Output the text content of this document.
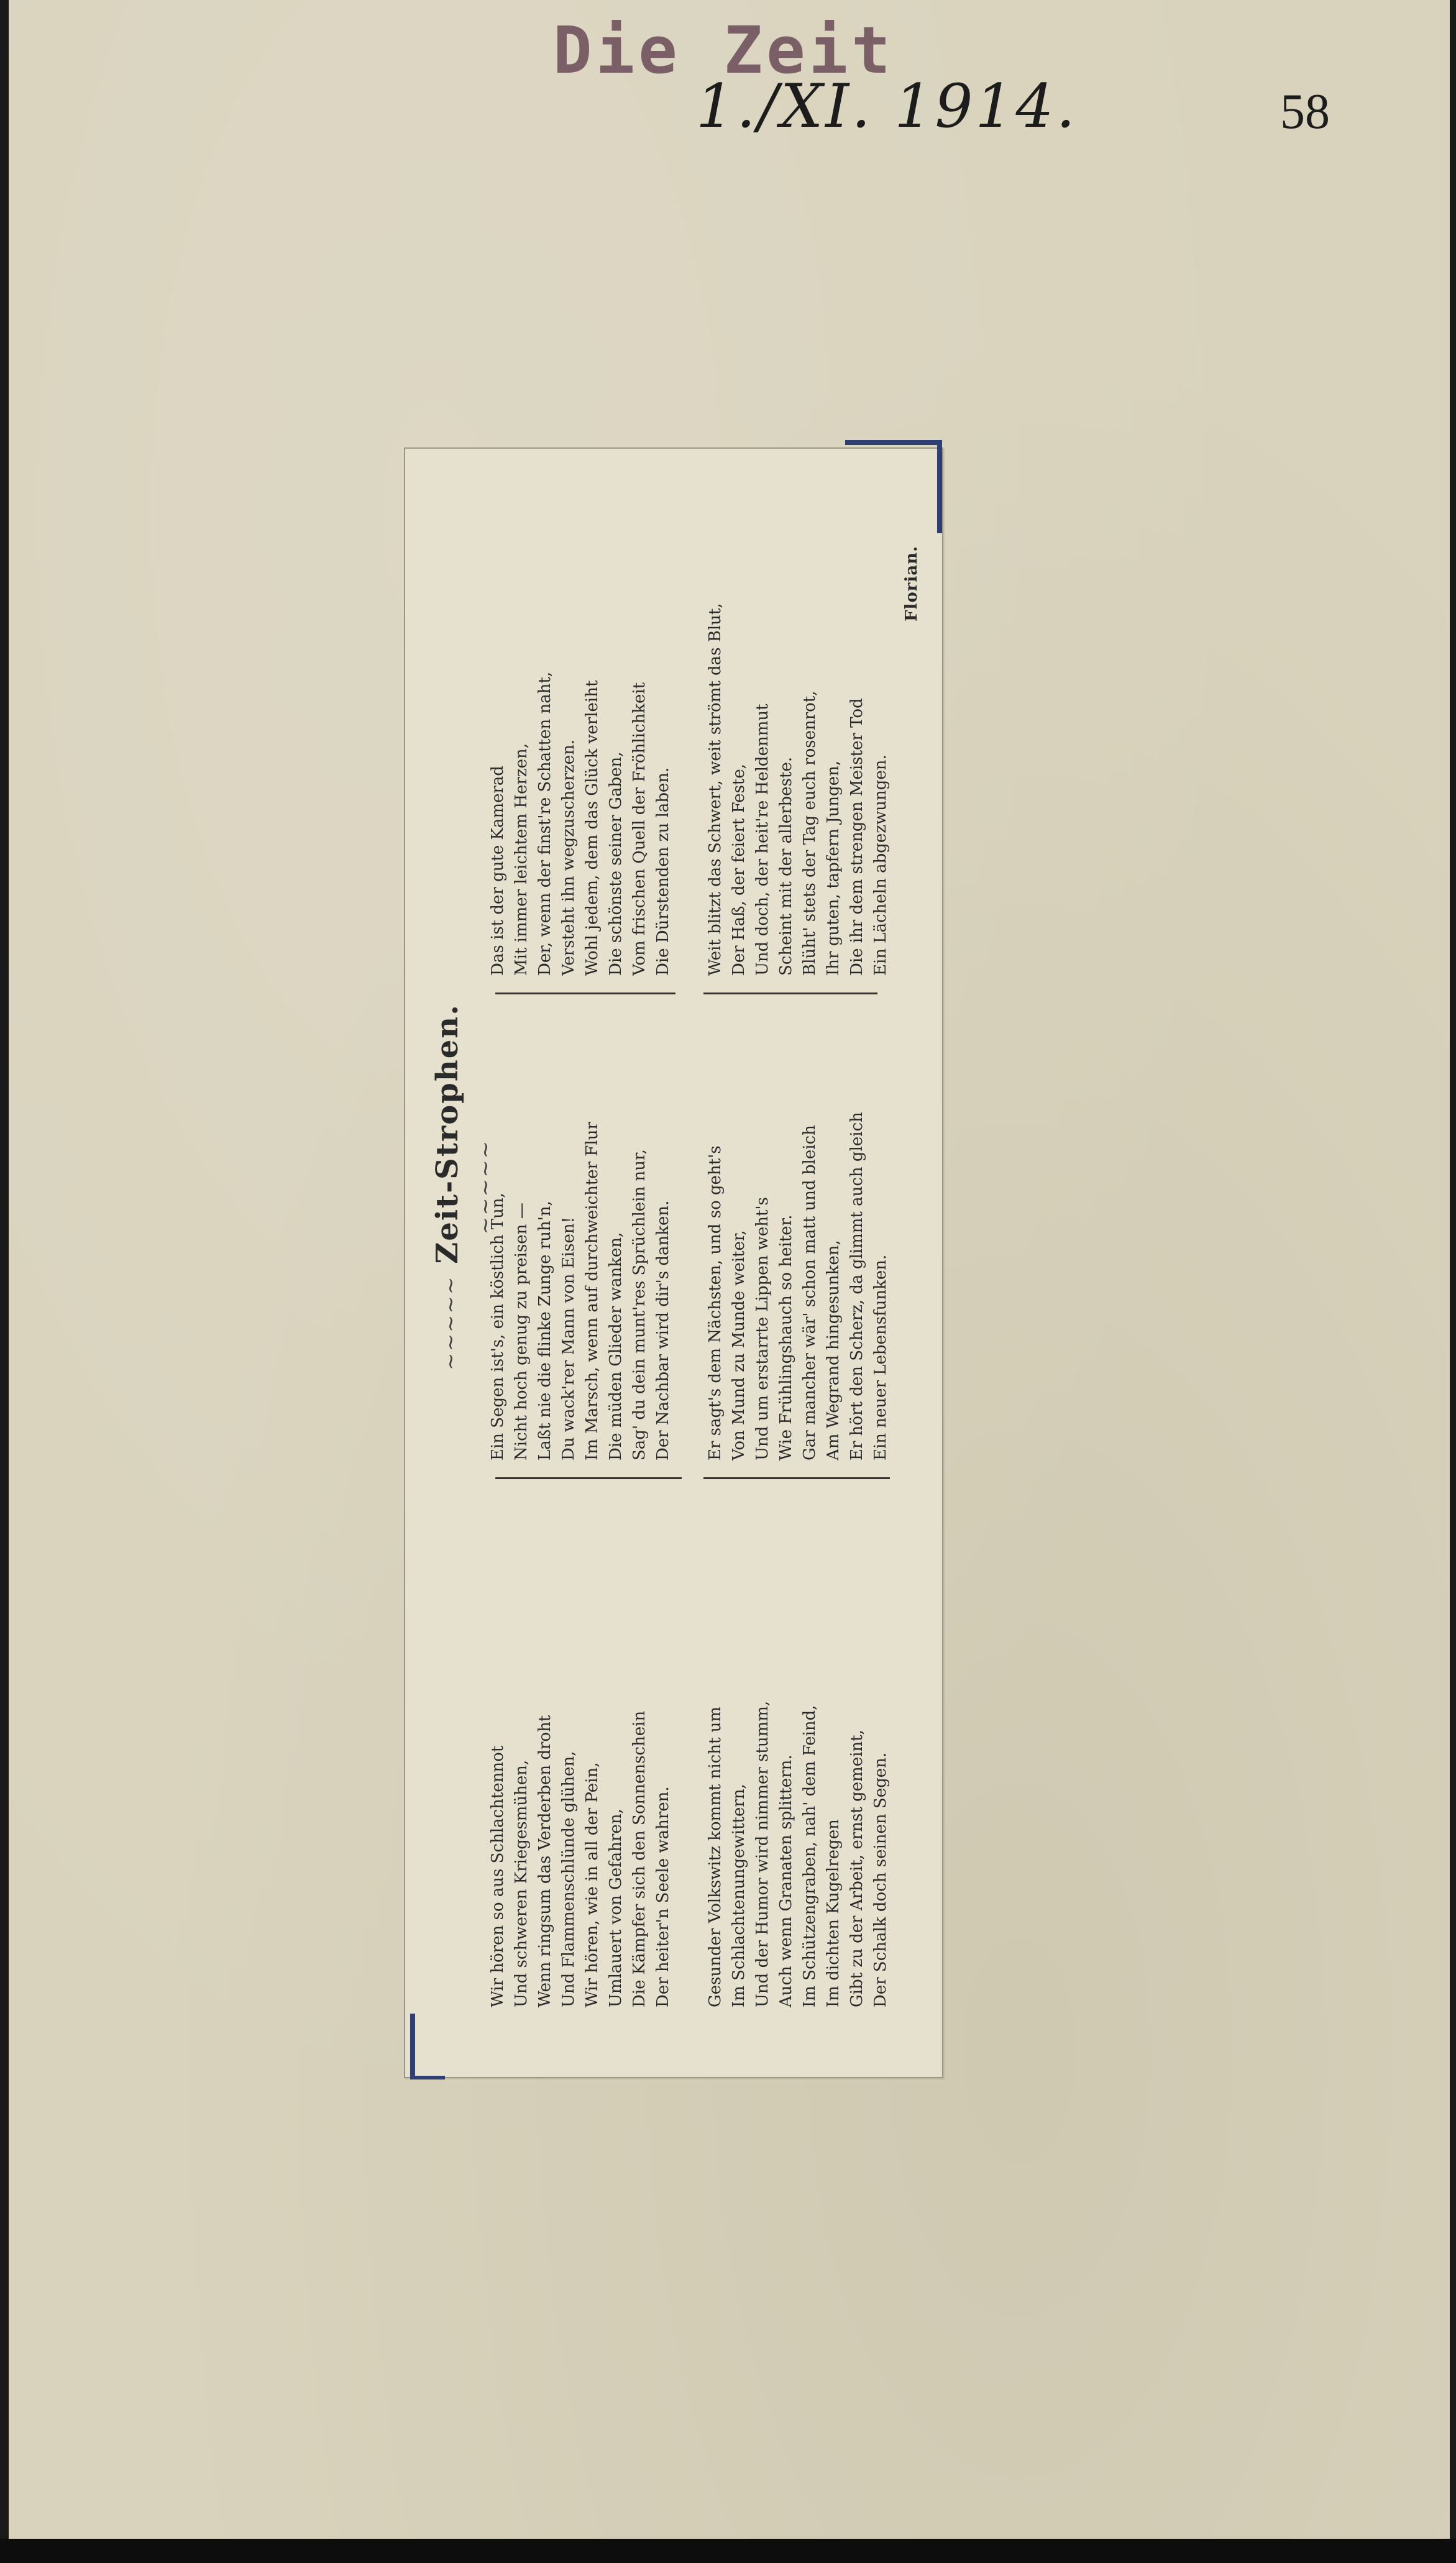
Die Zeit
1./XI. 1914.	58
~~~~~ Zeit-Strophen. ~~~~~
Wir hören so aus Schlachtennot Und schweren Kriegesmühen, Wenn ringsum das Verderben droht Und Flammenschlünde glühen, Wir hören, wie in all der Pein, Umlauert von Gefahren, Die Kämpfer sich den Sonnenschein Der heiter'n Seele wahren. Gesunder Volkswitz kommt nicht um Im Schlachtenungewittern, Und der Humor wird nimmer stumm, Auch wenn Granaten splittern. Im Schützengraben, nah' dem Feind, Im dichten Kugelregen Gibt zu der Arbeit, ernst gemeint, Der Schalk doch seinen Segen.
Ein Segen ist's, ein köstlich Tun, Nicht hoch genug zu preisen — Laßt nie die flinke Zunge ruh'n, Du wack'rer Mann von Eisen! Im Marsch, wenn auf durchweichter Flur Die müden Glieder wanken, Sag' du dein munt'res Sprüchlein nur, Der Nachbar wird dir's danken. Er sagt's dem Nächsten, und so geht's Von Mund zu Munde weiter, Und um erstarrte Lippen weht's Wie Frühlingshauch so heiter. Gar mancher wär' schon matt und bleich Am Wegrand hingesunken, Er hört den Scherz, da glimmt auch gleich Ein neuer Lebensfunken.
Das ist der gute Kamerad Mit immer leichtem Herzen, Der, wenn der finst're Schatten naht, Versteht ihn wegzuscherzen. Wohl jedem, dem das Glück verleiht Die schönste seiner Gaben, Vom frischen Quell der Fröhlichkeit Die Dürstenden zu laben. Weit blitzt das Schwert, weit strömt das Blut, Der Haß, der feiert Feste, Und doch, der heit're Heldenmut Scheint mit der allerbeste. Blüht' stets der Tag euch rosenrot, Ihr guten, tapfern Jungen, Die ihr dem strengen Meister Tod Ein Lächeln abgezwungen.
Florian.
